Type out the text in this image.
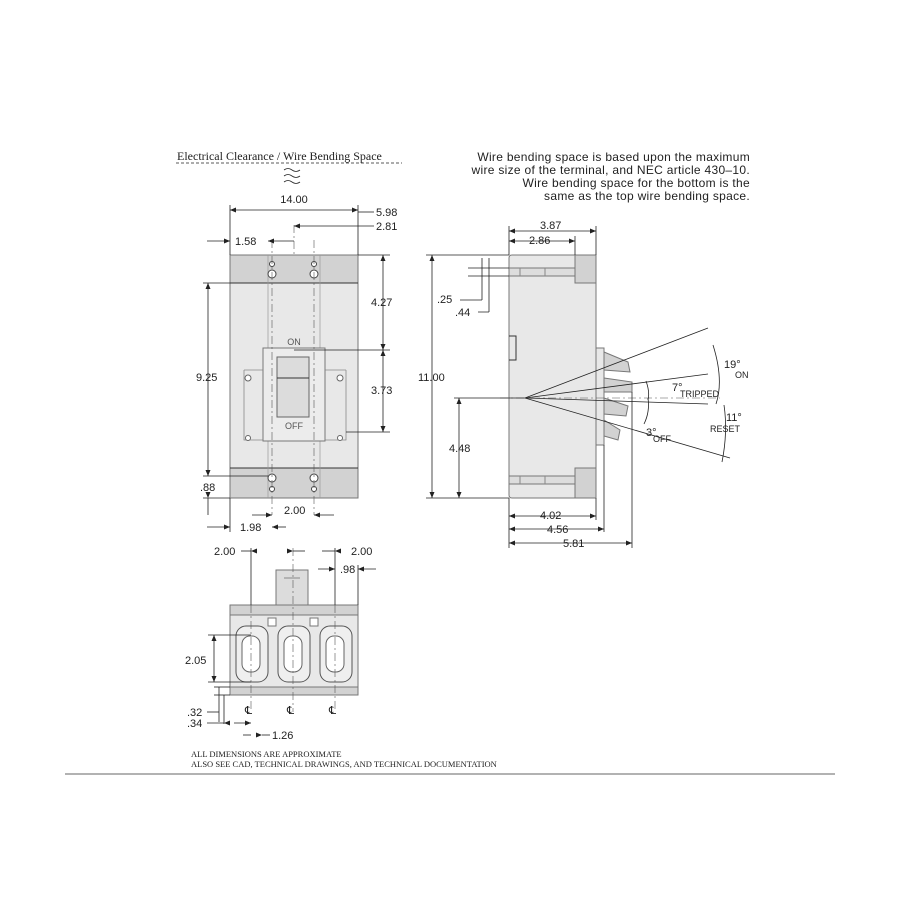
Electrical Clearance / Wire Bending Space	Wire bending space is based upon the maximum
wire size of the terminal, and NEC article 430–10.
Wire bending space for the bottom is the
same as the top wire bending space.
ON
OFF
14.00
5.98
2.81
1.58
9.25
4.27
3.73
.88
1.98
2.00
3.87
2.86
.25
.44
11.00
4.48
4.02
4.56
5.81
19°
ON
7°
TRIPPED
11°
RESET
3°
OFF
2.00	2.00
.98
2.05
.32
.34
1.26
℄	℄	℄
ALL DIMENSIONS ARE APPROXIMATE
ALSO SEE CAD, TECHNICAL DRAWINGS, AND TECHNICAL DOCUMENTATION
